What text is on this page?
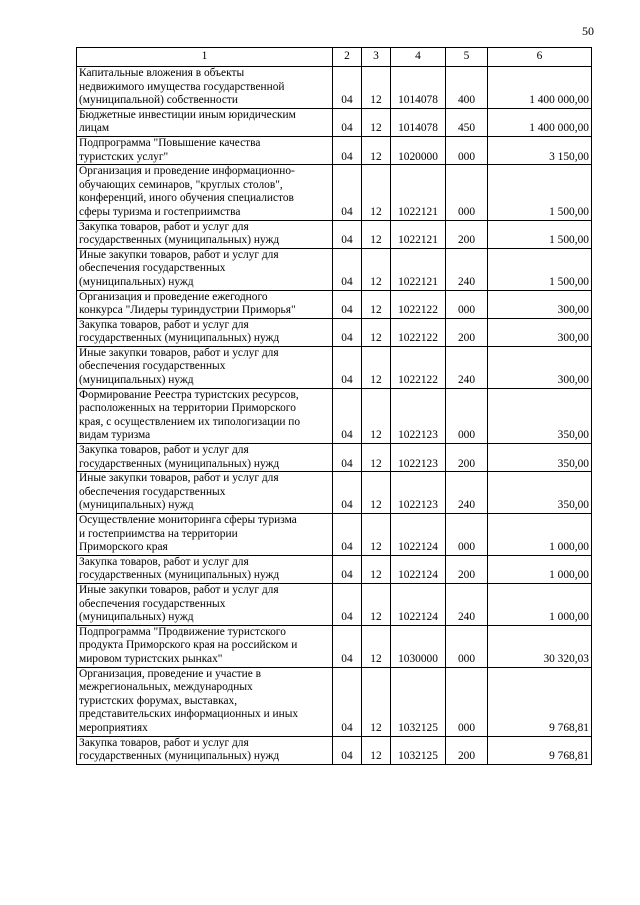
50
1	2	3	4	5	6
Капитальные вложения в объекты
недвижимого имущества государственной
(муниципальной) собственности	04	12	1014078	400	1 400 000,00
Бюджетные инвестиции иным юридическим
лицам	04	12	1014078	450	1 400 000,00
Подпрограмма "Повышение качества
туристских услуг"	04	12	1020000	000	3 150,00
Организация и проведение информационно-
обучающих семинаров, "круглых столов",
конференций, иного обучения специалистов
сферы туризма и гостеприимства	04	12	1022121	000	1 500,00
Закупка товаров, работ и услуг для
государственных (муниципальных) нужд	04	12	1022121	200	1 500,00
Иные закупки товаров, работ и услуг для
обеспечения государственных
(муниципальных) нужд	04	12	1022121	240	1 500,00
Организация и проведение ежегодного
конкурса "Лидеры туриндустрии Приморья"	04	12	1022122	000	300,00
Закупка товаров, работ и услуг для
государственных (муниципальных) нужд	04	12	1022122	200	300,00
Иные закупки товаров, работ и услуг для
обеспечения государственных
(муниципальных) нужд	04	12	1022122	240	300,00
Формирование Реестра туристских ресурсов,
расположенных на территории Приморского
края, с осуществлением их типологизации по
видам туризма	04	12	1022123	000	350,00
Закупка товаров, работ и услуг для
государственных (муниципальных) нужд	04	12	1022123	200	350,00
Иные закупки товаров, работ и услуг для
обеспечения государственных
(муниципальных) нужд	04	12	1022123	240	350,00
Осуществление мониторинга сферы туризма
и гостеприимства на территории
Приморского края	04	12	1022124	000	1 000,00
Закупка товаров, работ и услуг для
государственных (муниципальных) нужд	04	12	1022124	200	1 000,00
Иные закупки товаров, работ и услуг для
обеспечения государственных
(муниципальных) нужд	04	12	1022124	240	1 000,00
Подпрограмма "Продвижение туристского
продукта Приморского края на российском и
мировом туристских рынках"	04	12	1030000	000	30 320,03
Организация, проведение и участие в
межрегиональных, международных
туристских форумах, выставках,
представительских информационных и иных
мероприятиях	04	12	1032125	000	9 768,81
Закупка товаров, работ и услуг для
государственных (муниципальных) нужд	04	12	1032125	200	9 768,81
